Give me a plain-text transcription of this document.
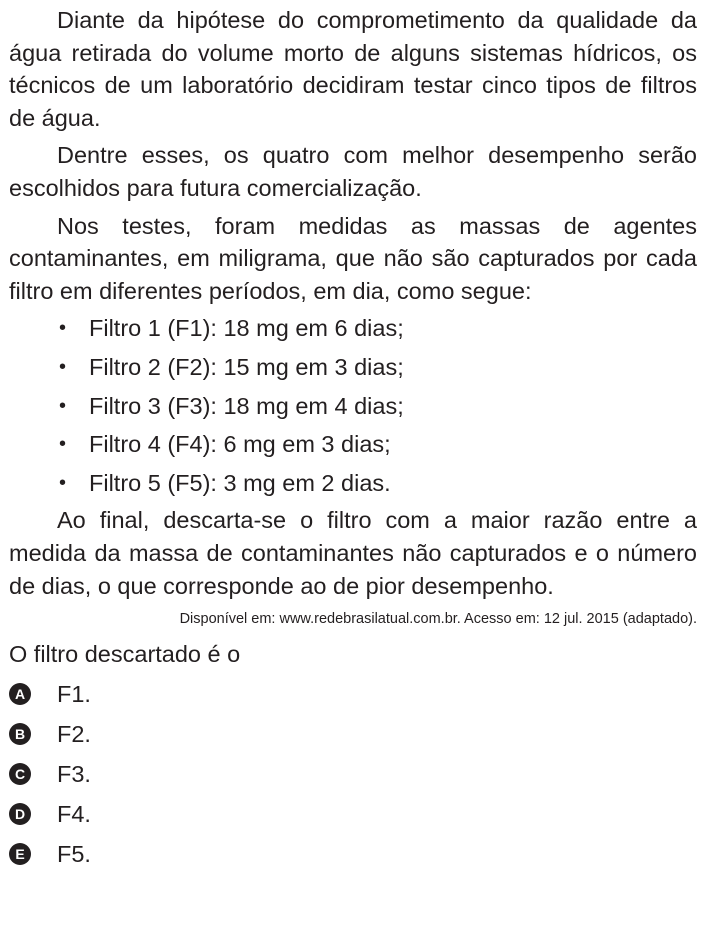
Diante da hipótese do comprometimento da qualidade da água retirada do volume morto de alguns sistemas hídricos, os técnicos de um laboratório decidiram testar cinco tipos de filtros de água.

Dentre esses, os quatro com melhor desempenho serão escolhidos para futura comercialização.

Nos testes, foram medidas as massas de agentes contaminantes, em miligrama, que não são capturados por cada filtro em diferentes períodos, em dia, como segue:

• Filtro 1 (F1): 18 mg em 6 dias;
• Filtro 2 (F2): 15 mg em 3 dias;
• Filtro 3 (F3): 18 mg em 4 dias;
• Filtro 4 (F4): 6 mg em 3 dias;
• Filtro 5 (F5): 3 mg em 2 dias.

Ao final, descarta-se o filtro com a maior razão entre a medida da massa de contaminantes não capturados e o número de dias, o que corresponde ao de pior desempenho.

Disponível em: www.redebrasilatual.com.br. Acesso em: 12 jul. 2015 (adaptado).

O filtro descartado é o

A F1.
B F2.
C F3.
D F4.
E F5.
